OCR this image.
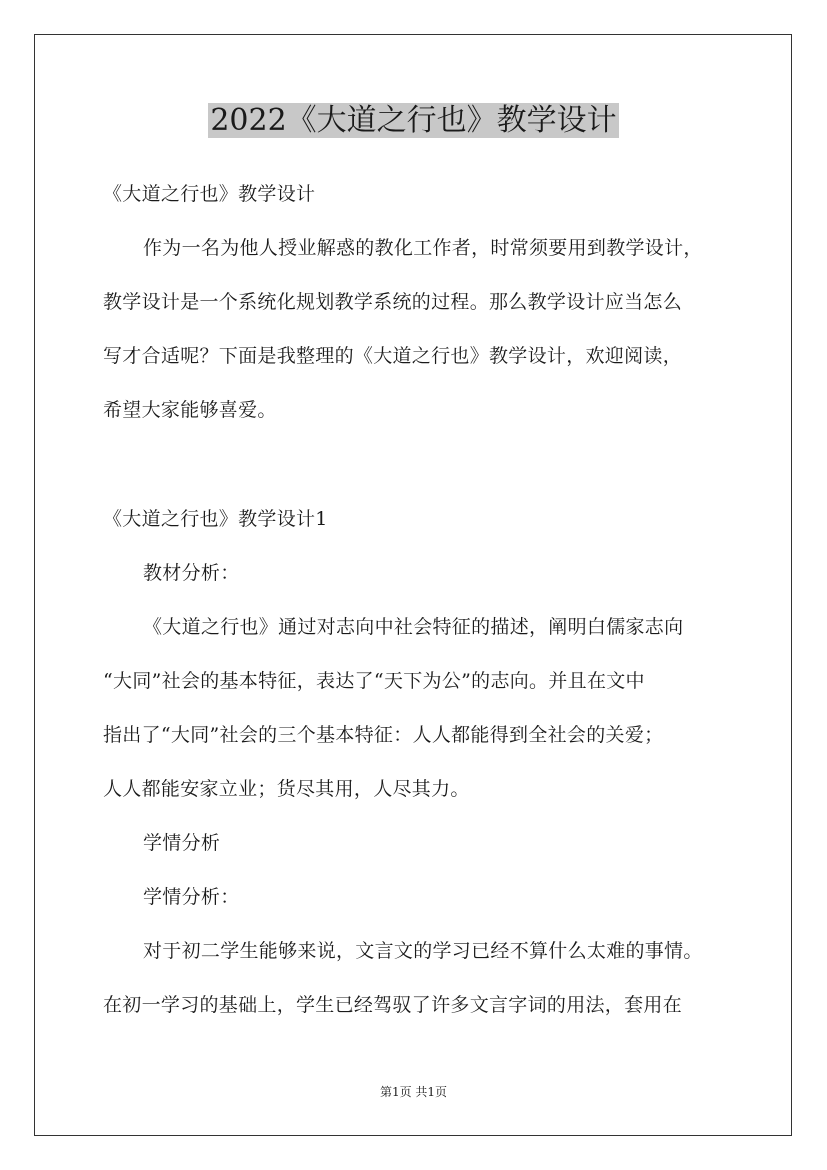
2022《大道之行也》教学设计

《大道之行也》教学设计

作为一名为他人授业解惑的教化工作者，时常须要用到教学设计，

教学设计是一个系统化规划教学系统的过程。那么教学设计应当怎么

写才合适呢？下面是我整理的《大道之行也》教学设计，欢迎阅读，

希望大家能够喜爱。

《大道之行也》教学设计1

教材分析：

《大道之行也》通过对志向中社会特征的描述，阐明白儒家志向

“大同”社会的基本特征，表达了“天下为公”的志向。并且在文中

指出了“大同”社会的三个基本特征：人人都能得到全社会的关爱；

人人都能安家立业；货尽其用，人尽其力。

学情分析

学情分析：

对于初二学生能够来说，文言文的学习已经不算什么太难的事情。

在初一学习的基础上，学生已经驾驭了许多文言字词的用法，套用在

第1页 共1页
